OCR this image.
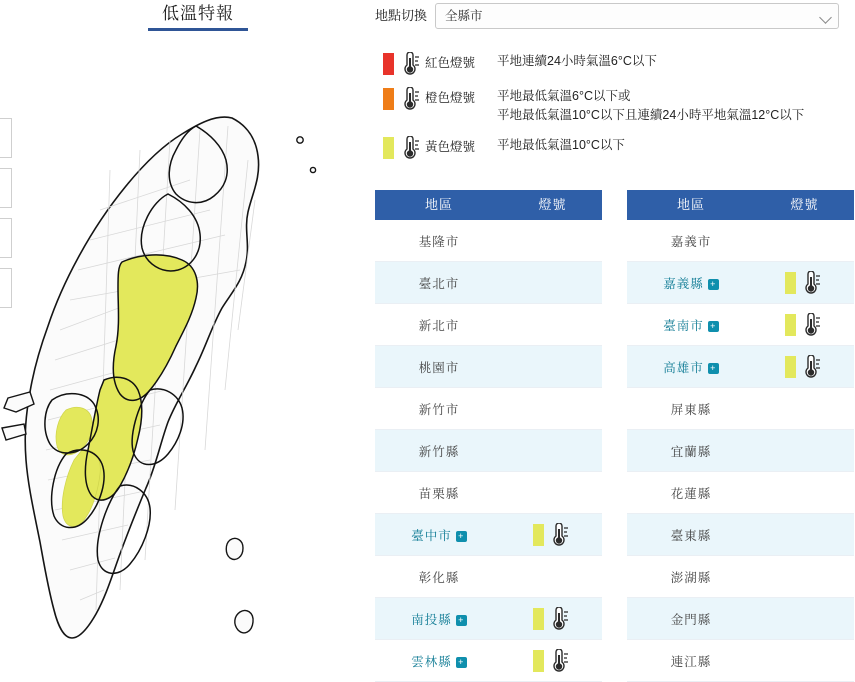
低溫特報	地點切換 全縣市
紅色燈號	平地連續24小時氣溫6°C以下
橙色燈號	平地最低氣溫6°C以下或
平地最低氣溫10°C以下且連續24小時平地氣溫12°C以下
黃色燈號	平地最低氣溫10°C以下
地區	燈號
基隆市
臺北市
新北市
桃園市
新竹市
新竹縣
苗栗縣
臺中市 +
彰化縣
南投縣 +
雲林縣 +
地區	燈號
嘉義市
嘉義縣 +
臺南市 +
高雄市 +
屏東縣
宜蘭縣
花蓮縣
臺東縣
澎湖縣
金門縣
連江縣
